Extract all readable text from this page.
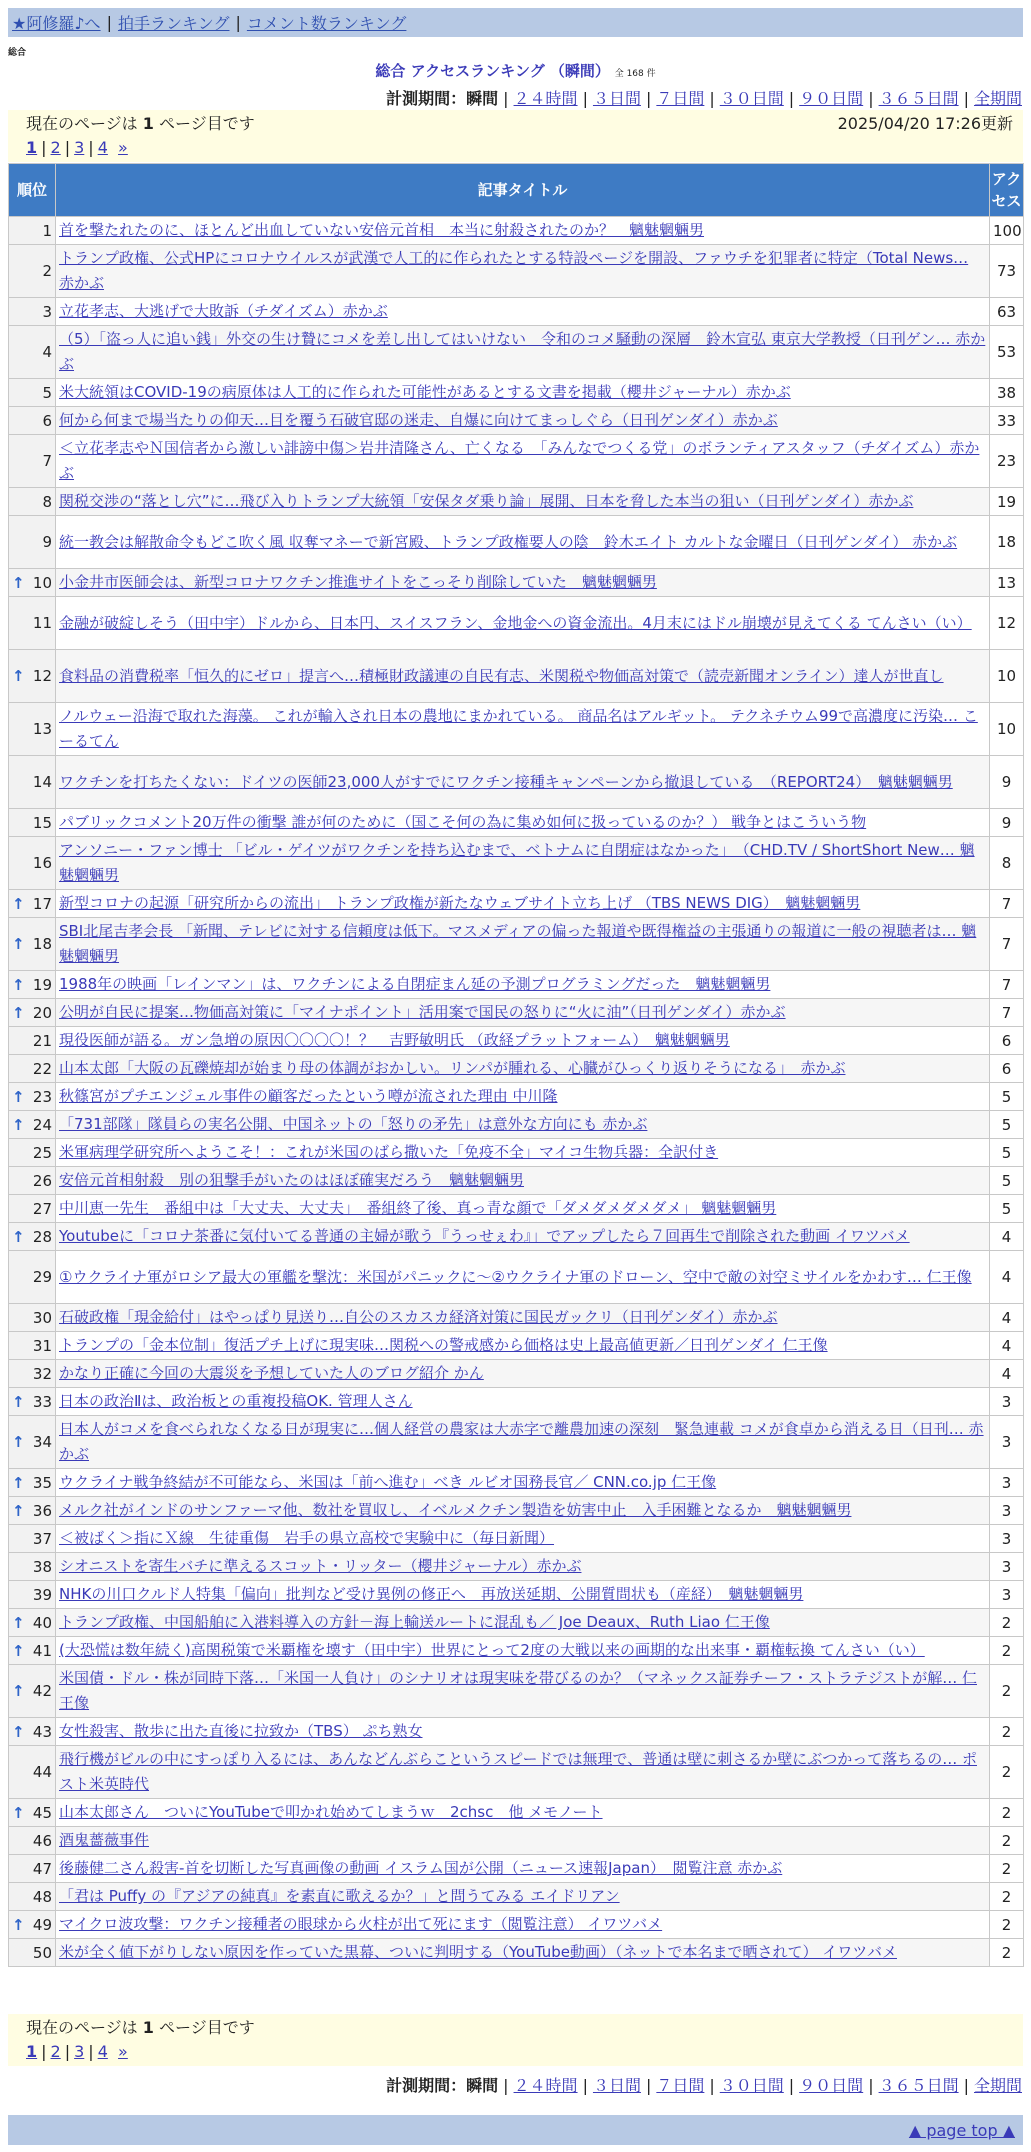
★阿修羅♪へ | 拍手ランキング | コメント数ランキング
総合
総合 アクセスランキング （瞬間） 全 168 件
計測期間：瞬間 | ２４時間 | ３日間 | ７日間 | ３０日間 | ９０日間 | ３６５日間 | 全期間
現在のページは 1 ページ目です	2025/04/20 17:26更新
1 | 2 | 3 | 4 »
順位	記事タイトル	アクセス
1	首を撃たれたのに、ほとんど出血していない安倍元首相　本当に射殺されたのか？　魑魅魍魎男	100
2	トランプ政権、公式HPにコロナウイルスが武漢で人工的に作られたとする特設ページを開設、ファウチを犯罪者に特定（Total News… 赤かぶ	73
3	立花孝志、大逃げで大敗訴（チダイズム）赤かぶ	63
4	（5）「盗っ人に追い銭」外交の生け贄にコメを差し出してはいけない　令和のコメ騒動の深層　鈴木宣弘 東京大学教授（日刊ゲン… 赤かぶ	53
5	米大統領はCOVID-19の病原体は人工的に作られた可能性があるとする文書を掲載（櫻井ジャーナル）赤かぶ	38
6	何から何まで場当たりの仰天…目を覆う石破官邸の迷走、自爆に向けてまっしぐら（日刊ゲンダイ）赤かぶ	33
7	＜立花孝志やＮ国信者から激しい誹謗中傷＞岩井清隆さん、亡くなる　「みんなでつくる党」のボランティアスタッフ（チダイズム）赤かぶ	23
8	関税交渉の“落とし穴”に…飛び入りトランプ大統領「安保タダ乗り論」展開、日本を脅した本当の狙い（日刊ゲンダイ）赤かぶ	19
9	統一教会は解散命令もどこ吹く風 収奪マネーで新宮殿、トランプ政権要人の陰　鈴木エイト カルトな金曜日（日刊ゲンダイ） 赤かぶ	18

↑ 10	小金井市医師会は、新型コロナワクチン推進サイトをこっそり削除していた　魑魅魍魎男	13
11	金融が破綻しそう（田中宇）ドルから、日本円、スイスフラン、金地金への資金流出。4月末にはドル崩壊が見えてくる てんさい（い）	12

↑ 12	食料品の消費税率「恒久的にゼロ」提言へ…積極財政議連の自民有志、米関税や物価高対策で（読売新聞オンライン）達人が世直し	10
13	ノルウェー沿海で取れた海藻。 これが輸入され日本の農地にまかれている。 商品名はアルギット。 テクネチウム99で高濃度に汚染… こーるてん	10
14	ワクチンを打ちたくない：ドイツの医師23,000人がすでにワクチン接種キャンペーンから撤退している　（REPORT24）　魑魅魍魎男	9
15	パブリックコメント20万件の衝撃 誰が何のために（国こそ何の為に集め如何に扱っているのか？） 戦争とはこういう物	9
16	アンソニー・ファン博士 「ビル・ゲイツがワクチンを持ち込むまで、ベトナムに自閉症はなかった」　（CHD.TV / ShortShort New… 魑魅魍魎男	8

↑ 17	新型コロナの起源「研究所からの流出」 トランプ政権が新たなウェブサイト立ち上げ （TBS NEWS DIG）　魑魅魍魎男	7

↑ 18	SBI北尾吉孝会長 「新聞、テレビに対する信頼度は低下。マスメディアの偏った報道や既得権益の主張通りの報道に一般の視聴者は… 魑魅魍魎男	7

↑ 19	1988年の映画「レインマン」は、ワクチンによる自閉症まん延の予測プログラミングだった　魑魅魍魎男	7

↑ 20	公明が自民に提案…物価高対策に「マイナポイント」活用案で国民の怒りに“火に油”（日刊ゲンダイ）赤かぶ	7
21	現役医師が語る。ガン急増の原因〇〇〇〇！？　吉野敏明氏 （政経プラットフォーム）　魑魅魍魎男	6
22	山本太郎「大阪の瓦礫焼却が始まり母の体調がおかしい。リンパが腫れる、心臓がひっくり返りそうになる」　赤かぶ	6

↑ 23	秋篠宮がプチエンジェル事件の顧客だったという噂が流された理由 中川隆	5

↑ 24	「731部隊」隊員らの実名公開、中国ネットの「怒りの矛先」は意外な方向にも 赤かぶ	5
25	米軍病理学研究所へようこそ！：これが米国のばら撒いた「免疫不全」マイコ生物兵器：全訳付き	5
26	安倍元首相射殺　別の狙撃手がいたのはほぼ確実だろう　魑魅魍魎男	5
27	中川恵一先生　番組中は「大丈夫、大丈夫」　番組終了後、真っ青な顔で「ダメダメダメダメ」 魑魅魍魎男	5

↑ 28	Youtubeに「コロナ茶番に気付いてる普通の主婦が歌う『うっせぇわ』」でアップしたら７回再生で削除された動画 イワツバメ	4
29	①ウクライナ軍がロシア最大の軍艦を撃沈：米国がパニックに～②ウクライナ軍のドローン、空中で敵の対空ミサイルをかわす… 仁王像	4
30	石破政権「現金給付」はやっぱり見送り…自公のスカスカ経済対策に国民ガックリ（日刊ゲンダイ）赤かぶ	4
31	トランプの「金本位制」復活プチ上げに現実味…関税への警戒感から価格は史上最高値更新／日刊ゲンダイ 仁王像	4
32	かなり正確に今回の大震災を予想していた人のブログ紹介 かん	4

↑ 33	日本の政治Ⅱは、政治板との重複投稿OK. 管理人さん	3

↑ 34	日本人がコメを食べられなくなる日が現実に…個人経営の農家は大赤字で離農加速の深刻　緊急連載 コメが食卓から消える日（日刊… 赤かぶ	3

↑ 35	ウクライナ戦争終結が不可能なら、米国は「前へ進む」べき ルビオ国務長官／ CNN.co.jp 仁王像	3

↑ 36	メルク社がインドのサンファーマ他、数社を買収し、イベルメクチン製造を妨害中止　入手困難となるか　魑魅魍魎男	3
37	＜被ばく＞指にＸ線　生徒重傷　岩手の県立高校で実験中に（毎日新聞）	3
38	シオニストを寄生バチに準えるスコット・リッター（櫻井ジャーナル）赤かぶ	3
39	NHKの川口クルド人特集「偏向」批判など受け異例の修正へ　再放送延期、公開質問状も（産経）　魑魅魍魎男	3

↑ 40	トランプ政権、中国船舶に入港料導入の方針－海上輸送ルートに混乱も／ Joe Deaux、Ruth Liao 仁王像	2

↑ 41	(大恐慌は数年続く)高関税策で米覇権を壊す（田中宇）世界にとって2度の大戦以来の画期的な出来事・覇権転換 てんさい（い）	2

↑ 42	米国債・ドル・株が同時下落…「米国一人負け」のシナリオは現実味を帯びるのか？（マネックス証券チーフ・ストラテジストが解… 仁王像	2

↑ 43	女性殺害、散歩に出た直後に拉致か（TBS） ぷち熟女	2
44	飛行機がビルの中にすっぽり入るには、あんなどんぶらこというスピードでは無理で、普通は壁に刺さるか壁にぶつかって落ちるの… ポスト米英時代	2

↑ 45	山本太郎さん　ついにYouTubeで叩かれ始めてしまうｗ　2chsc　他 メモノート	2
46	酒鬼薔薇事件	2
47	後藤健二さん殺害-首を切断した写真画像の動画 イスラム国が公開（ニュース速報Japan）　閲覧注意 赤かぶ	2
48	「君は Puffy の『アジアの純真』を素直に歌えるか？」と問うてみる エイドリアン	2

↑ 49	マイクロ波攻撃：ワクチン接種者の眼球から火柱が出て死にます（閲覧注意） イワツバメ	2
50	米が全く値下がりしない原因を作っていた黒幕、ついに判明する（YouTube動画）（ネットで本名まで晒されて） イワツバメ	2
現在のページは 1 ページ目です
1 | 2 | 3 | 4 »
計測期間：瞬間 | ２４時間 | ３日間 | ７日間 | ３０日間 | ９０日間 | ３６５日間 | 全期間
▲ page top ▲
